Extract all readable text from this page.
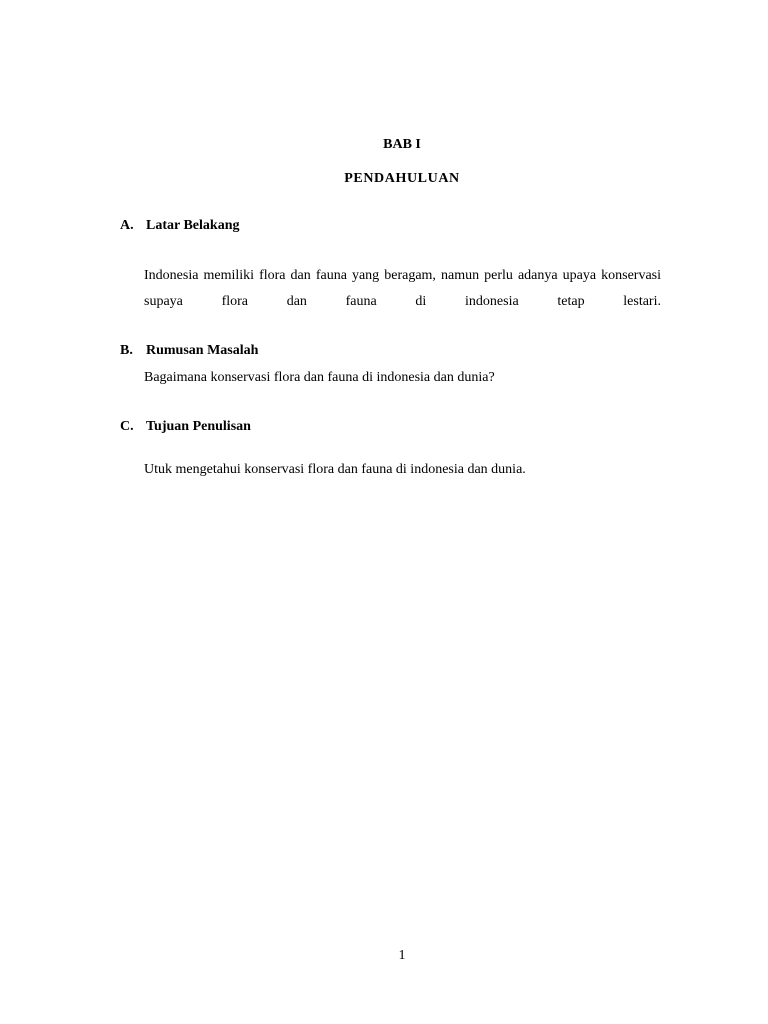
BAB I
PENDAHULUAN
A. Latar Belakang
Indonesia memiliki flora dan fauna yang beragam, namun perlu adanya upaya konservasi supaya flora dan fauna di indonesia tetap lestari.
B. Rumusan Masalah
Bagaimana konservasi flora dan fauna di indonesia dan dunia?
C. Tujuan Penulisan
Utuk mengetahui konservasi flora dan fauna di indonesia dan dunia.
1
